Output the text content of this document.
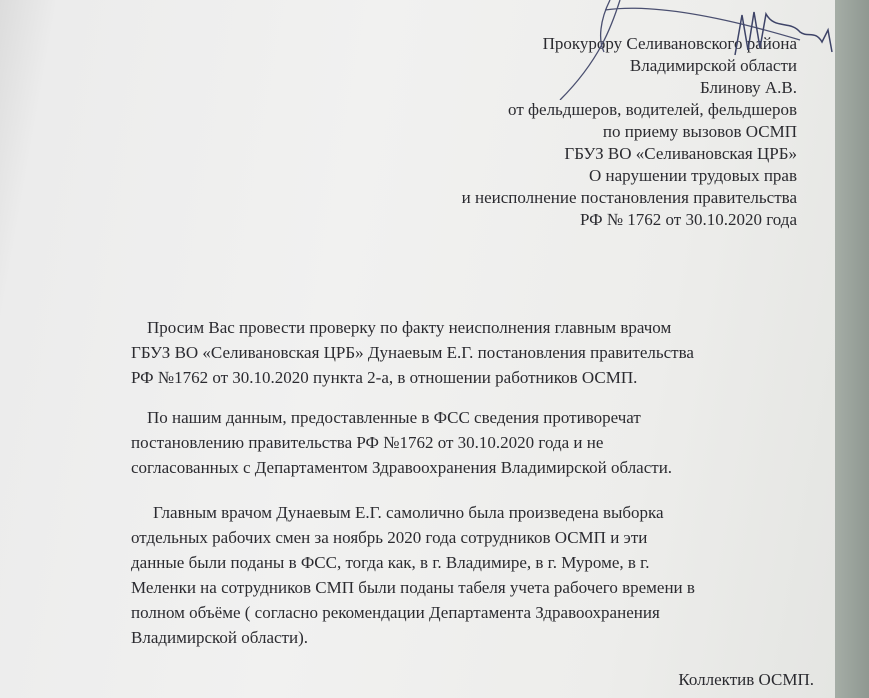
Прокурору Селивановского района
Владимирской области
Блинову А.В.
от фельдшеров, водителей, фельдшеров
по приему вызовов ОСМП
ГБУЗ ВО «Селивановская ЦРБ»
О нарушении трудовых прав
и неисполнение постановления правительства
РФ № 1762 от 30.10.2020 года
Просим Вас провести проверку по факту неисполнения главным врачом
ГБУЗ ВО «Селивановская ЦРБ» Дунаевым Е.Г. постановления правительства
РФ №1762 от 30.10.2020 пункта 2-а, в отношении работников ОСМП.
По нашим данным, предоставленные в ФСС сведения противоречат
постановлению правительства РФ №1762 от 30.10.2020 года и не
согласованных с Департаментом Здравоохранения Владимирской области.
Главным врачом Дунаевым Е.Г. самолично была произведена выборка
отдельных рабочих смен за ноябрь 2020 года сотрудников ОСМП и эти
данные были поданы в ФСС, тогда как, в г. Владимире, в г. Муроме, в г.
Меленки на сотрудников СМП были поданы табеля учета рабочего времени в
полном объёме ( согласно рекомендации Департамента Здравоохранения
Владимирской области).
Коллектив ОСМП.
